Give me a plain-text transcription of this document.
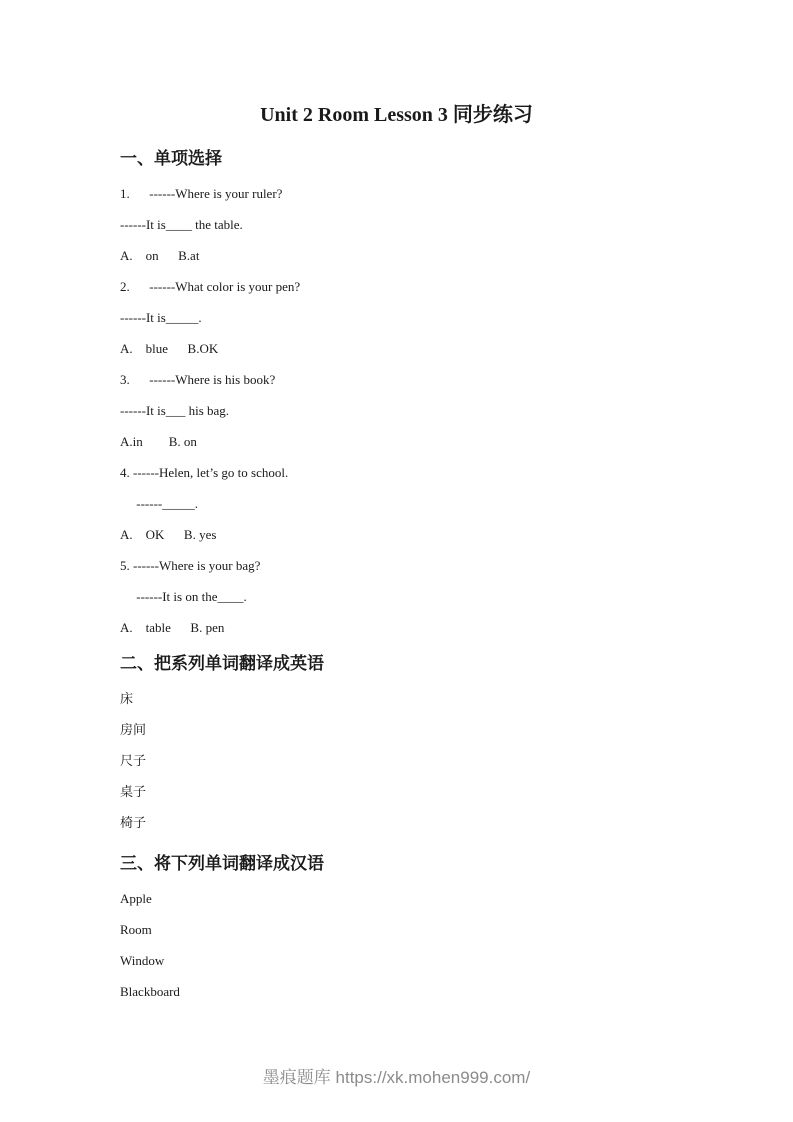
Unit 2 Room Lesson 3 同步练习
一、单项选择

1.      ------Where is your ruler?

------It is____ the table.

A.    on      B.at

2.      ------What color is your pen?

------It is_____.

A.    blue      B.OK

3.      ------Where is his book?

------It is___ his bag.

A.in        B. on

4. ------Helen, let’s go to school.

------_____.

A.    OK      B. yes

5. ------Where is your bag?

------It is on the____.

A.    table      B. pen

二、把系列单词翻译成英语

床

房间

尺子

桌子

椅子

三、将下列单词翻译成汉语

Apple

Room

Window

Blackboard

墨痕题库 https://xk.mohen999.com/
